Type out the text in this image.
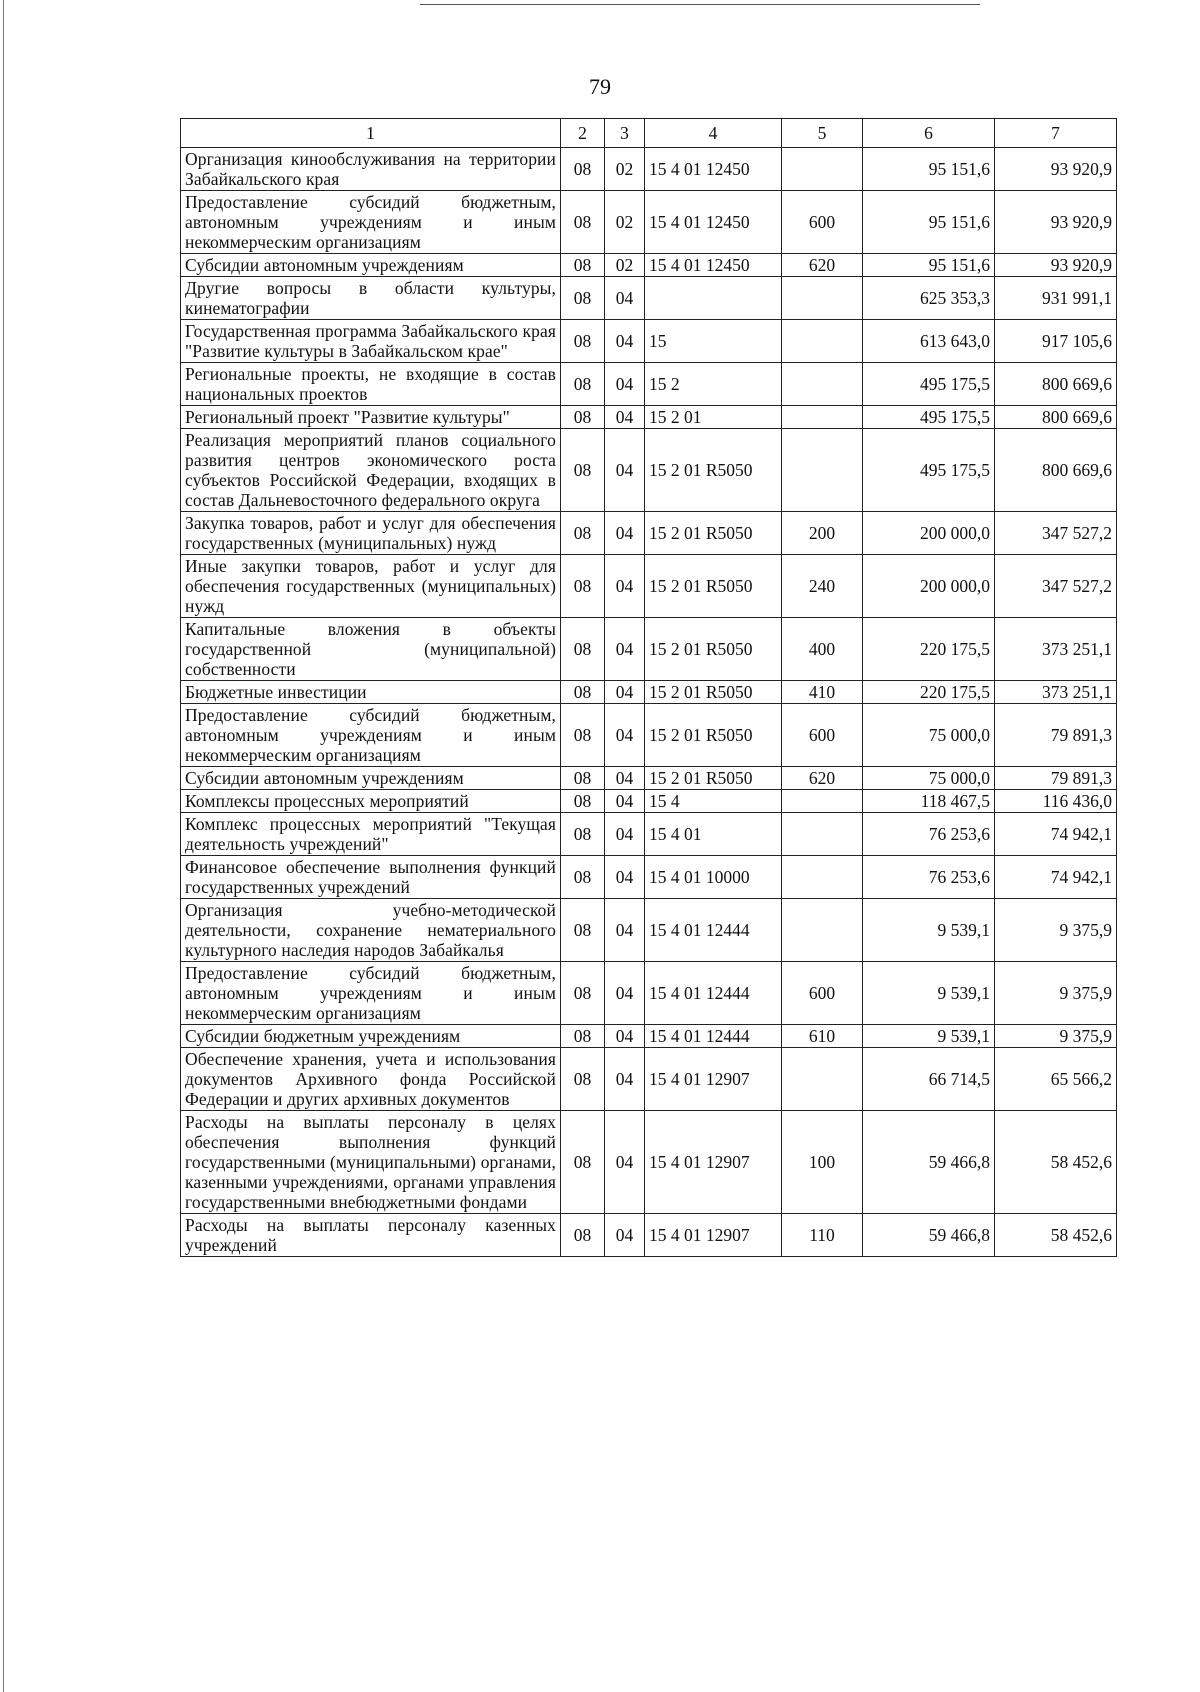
79
1	2	3	4	5	6	7
Организация кинообслуживания на территории Забайкальского края	08	02	15 4 01 12450		95 151,6	93 920,9
Предоставление субсидий бюджетным, автономным учреждениям и иным некоммерческим организациям	08	02	15 4 01 12450	600	95 151,6	93 920,9
Субсидии автономным учреждениям	08	02	15 4 01 12450	620	95 151,6	93 920,9
Другие вопросы в области культуры, кинематографии	08	04			625 353,3	931 991,1
Государственная программа Забайкальского края "Развитие культуры в Забайкальском крае"	08	04	15		613 643,0	917 105,6
Региональные проекты, не входящие в состав национальных проектов	08	04	15 2		495 175,5	800 669,6
Региональный проект "Развитие культуры"	08	04	15 2 01		495 175,5	800 669,6
Реализация мероприятий планов социального развития центров экономического роста субъектов Российской Федерации, входящих в состав Дальневосточного федерального округа	08	04	15 2 01 R5050		495 175,5	800 669,6
Закупка товаров, работ и услуг для обеспечения государственных (муниципальных) нужд	08	04	15 2 01 R5050	200	200 000,0	347 527,2
Иные закупки товаров, работ и услуг для обеспечения государственных (муниципальных) нужд	08	04	15 2 01 R5050	240	200 000,0	347 527,2
Капитальные вложения в объекты государственной (муниципальной) собственности	08	04	15 2 01 R5050	400	220 175,5	373 251,1
Бюджетные инвестиции	08	04	15 2 01 R5050	410	220 175,5	373 251,1
Предоставление субсидий бюджетным, автономным учреждениям и иным некоммерческим организациям	08	04	15 2 01 R5050	600	75 000,0	79 891,3
Субсидии автономным учреждениям	08	04	15 2 01 R5050	620	75 000,0	79 891,3
Комплексы процессных мероприятий	08	04	15 4		118 467,5	116 436,0
Комплекс процессных мероприятий "Текущая деятельность учреждений"	08	04	15 4 01		76 253,6	74 942,1
Финансовое обеспечение выполнения функций государственных учреждений	08	04	15 4 01 10000		76 253,6	74 942,1
Организация учебно-методической деятельности, сохранение нематериального культурного наследия народов Забайкалья	08	04	15 4 01 12444		9 539,1	9 375,9
Предоставление субсидий бюджетным, автономным учреждениям и иным некоммерческим организациям	08	04	15 4 01 12444	600	9 539,1	9 375,9
Субсидии бюджетным учреждениям	08	04	15 4 01 12444	610	9 539,1	9 375,9
Обеспечение хранения, учета и использования документов Архивного фонда Российской Федерации и других архивных документов	08	04	15 4 01 12907		66 714,5	65 566,2
Расходы на выплаты персоналу в целях обеспечения выполнения функций государственными (муниципальными) органами, казенными учреждениями, органами управления государственными внебюджетными фондами	08	04	15 4 01 12907	100	59 466,8	58 452,6
Расходы на выплаты персоналу казенных учреждений	08	04	15 4 01 12907	110	59 466,8	58 452,6
